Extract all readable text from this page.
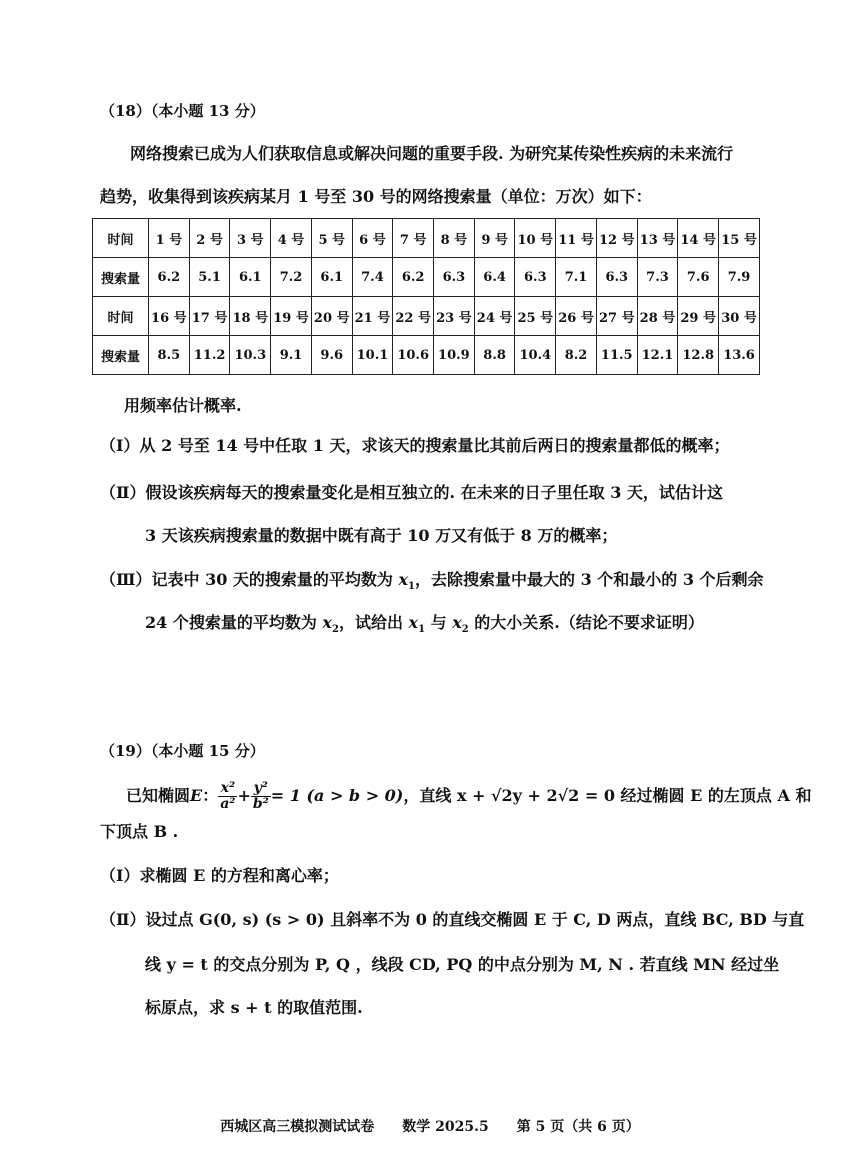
（18）（本小题 13 分）
网络搜索已成为人们获取信息或解决问题的重要手段. 为研究某传染性疾病的未来流行
趋势，收集得到该疾病某月 1 号至 30 号的网络搜索量（单位：万次）如下：
时间	1 号	2 号	3 号	4 号	5 号	6 号	7 号	8 号	9 号	10 号	11 号	12 号	13 号	14 号	15 号
搜索量	6.2	5.1	6.1	7.2	6.1	7.4	6.2	6.3	6.4	6.3	7.1	6.3	7.3	7.6	7.9
时间	16 号	17 号	18 号	19 号	20 号	21 号	22 号	23 号	24 号	25 号	26 号	27 号	28 号	29 号	30 号
搜索量	8.5	11.2	10.3	9.1	9.6	10.1	10.6	10.9	8.8	10.4	8.2	11.5	12.1	12.8	13.6
用频率估计概率.
（Ⅰ）从 2 号至 14 号中任取 1 天，求该天的搜索量比其前后两日的搜索量都低的概率；
（Ⅱ）假设该疾病每天的搜索量变化是相互独立的. 在未来的日子里任取 3 天，试估计这
3 天该疾病搜索量的数据中既有高于 10 万又有低于 8 万的概率；
（Ⅲ）记表中 30 天的搜索量的平均数为 $x_1$，去除搜索量中最大的 3 个和最小的 3 个后剩余
24 个搜索量的平均数为 $x_2$，试给出 $x_1$ 与 $x_2$ 的大小关系.（结论不要求证明）
（19）（本小题 15 分）
已知椭圆 E ： $\frac{\text{x²}}{\text{a²}} + \frac{\text{y²}}{\text{b²}} = 1$ (a > b > 0) ，直线 x + √2y + 2√2 = 0 经过椭圆 E 的左顶点 A 和
下顶点 B .
（Ⅰ）求椭圆 E 的方程和离心率；
（Ⅱ）设过点 G(0, s) (s > 0) 且斜率不为 0 的直线交椭圆 E 于 C, D 两点，直线 BC, BD 与直
线 y = t 的交点分别为 P, Q ，线段 CD, PQ 的中点分别为 M, N . 若直线 MN 经过坐
标原点，求 s + t 的取值范围.
西城区高三模拟测试试卷　　数学 2025.5　　第 5 页（共 6 页）
